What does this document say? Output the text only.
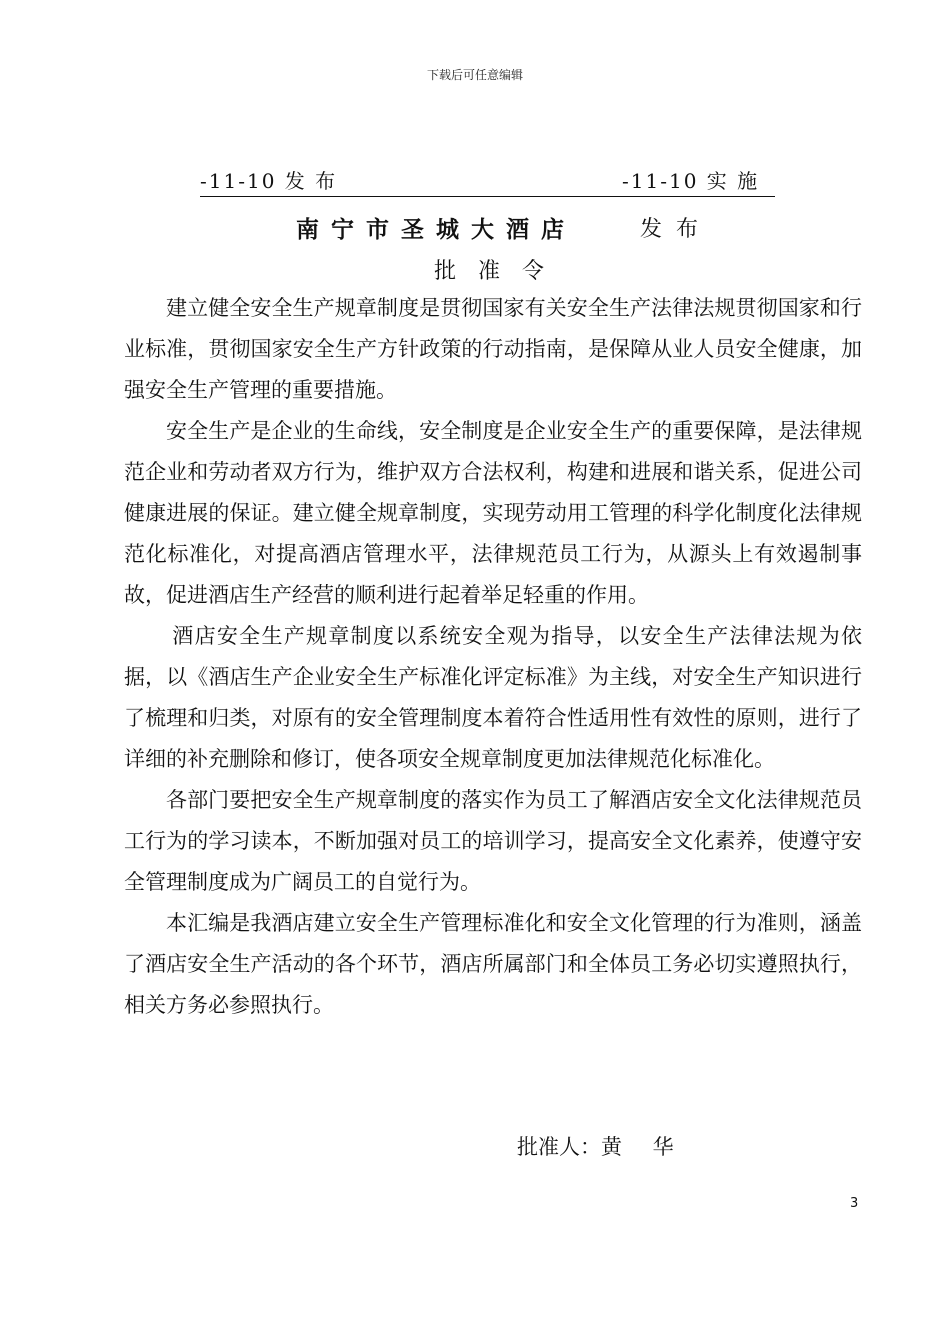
下载后可任意编辑
-11-10 发 布	-11-10 实 施
南宁市圣城大酒店	发布
批准令

建立健全安全生产规章制度是贯彻国家有关安全生产法律法规贯彻国家和行业标准，贯彻国家安全生产方针政策的行动指南，是保障从业人员安全健康，加强安全生产管理的重要措施。

安全生产是企业的生命线，安全制度是企业安全生产的重要保障，是法律规范企业和劳动者双方行为，维护双方合法权利，构建和进展和谐关系，促进公司健康进展的保证。建立健全规章制度，实现劳动用工管理的科学化制度化法律规范化标准化，对提高酒店管理水平，法律规范员工行为，从源头上有效遏制事故，促进酒店生产经营的顺利进行起着举足轻重的作用。

酒店安全生产规章制度以系统安全观为指导，以安全生产法律法规为依据，以《酒店生产企业安全生产标准化评定标准》为主线，对安全生产知识进行了梳理和归类，对原有的安全管理制度本着符合性适用性有效性的原则，进行了详细的补充删除和修订，使各项安全规章制度更加法律规范化标准化。

各部门要把安全生产规章制度的落实作为员工了解酒店安全文化法律规范员工行为的学习读本，不断加强对员工的培训学习，提高安全文化素养，使遵守安全管理制度成为广阔员工的自觉行为。

本汇编是我酒店建立安全生产管理标准化和安全文化管理的行为准则，涵盖了酒店安全生产活动的各个环节，酒店所属部门和全体员工务必切实遵照执行，相关方务必参照执行。

批准人：黄 华
3
